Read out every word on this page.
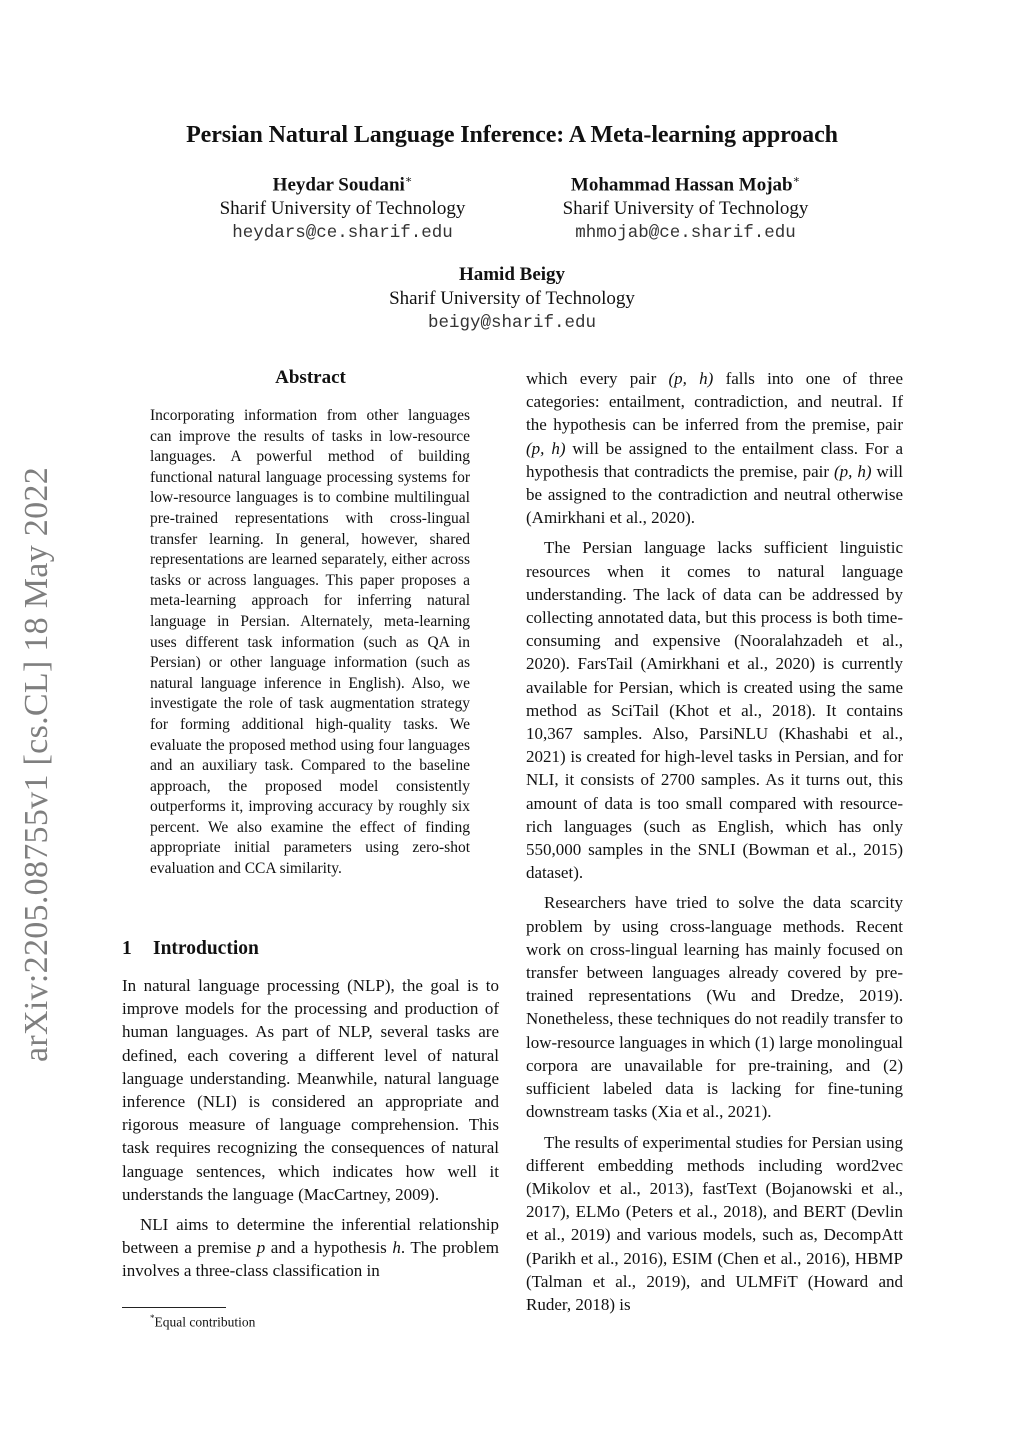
Persian Natural Language Inference: A Meta-learning approach
Heydar Soudani∗
Sharif University of Technology
heydars@ce.sharif.edu
Mohammad Hassan Mojab∗
Sharif University of Technology
mhmojab@ce.sharif.edu
Hamid Beigy
Sharif University of Technology
beigy@sharif.edu
arXiv:2205.08755v1 [cs.CL] 18 May 2022
Abstract
Incorporating information from other languages can improve the results of tasks in low-resource languages. A powerful method of building functional natural language processing systems for low-resource languages is to combine multilingual pre-trained representations with cross-lingual transfer learning. In general, however, shared representations are learned separately, either across tasks or across languages. This paper proposes a meta-learning approach for inferring natural language in Persian. Alternately, meta-learning uses different task information (such as QA in Persian) or other language information (such as natural language inference in English). Also, we investigate the role of task augmentation strategy for forming additional high-quality tasks. We evaluate the proposed method using four languages and an auxiliary task. Compared to the baseline approach, the proposed model consistently outperforms it, improving accuracy by roughly six percent. We also examine the effect of finding appropriate initial parameters using zero-shot evaluation and CCA similarity.
1 Introduction

In natural language processing (NLP), the goal is to improve models for the processing and production of human languages. As part of NLP, several tasks are defined, each covering a different level of natural language understanding. Meanwhile, natural language inference (NLI) is considered an appropriate and rigorous measure of language comprehension. This task requires recognizing the consequences of natural language sentences, which indicates how well it understands the language (MacCartney, 2009).

NLI aims to determine the inferential relationship between a premise p and a hypothesis h. The problem involves a three-class classification in

which every pair (p, h) falls into one of three categories: entailment, contradiction, and neutral. If the hypothesis can be inferred from the premise, pair (p, h) will be assigned to the entailment class. For a hypothesis that contradicts the premise, pair (p, h) will be assigned to the contradiction and neutral otherwise (Amirkhani et al., 2020).

The Persian language lacks sufficient linguistic resources when it comes to natural language understanding. The lack of data can be addressed by collecting annotated data, but this process is both time-consuming and expensive (Nooralahzadeh et al., 2020). FarsTail (Amirkhani et al., 2020) is currently available for Persian, which is created using the same method as SciTail (Khot et al., 2018). It contains 10,367 samples. Also, ParsiNLU (Khashabi et al., 2021) is created for high-level tasks in Persian, and for NLI, it consists of 2700 samples. As it turns out, this amount of data is too small compared with resource-rich languages (such as English, which has only 550,000 samples in the SNLI (Bowman et al., 2015) dataset).

Researchers have tried to solve the data scarcity problem by using cross-language methods. Recent work on cross-lingual learning has mainly focused on transfer between languages already covered by pre-trained representations (Wu and Dredze, 2019). Nonetheless, these techniques do not readily transfer to low-resource languages in which (1) large monolingual corpora are unavailable for pre-training, and (2) sufficient labeled data is lacking for fine-tuning downstream tasks (Xia et al., 2021).

The results of experimental studies for Persian using different embedding methods including word2vec (Mikolov et al., 2013), fastText (Bojanowski et al., 2017), ELMo (Peters et al., 2018), and BERT (Devlin et al., 2019) and various models, such as, DecompAtt (Parikh et al., 2016), ESIM (Chen et al., 2016), HBMP (Talman et al., 2019), and ULMFiT (Howard and Ruder, 2018) is

*Equal contribution
